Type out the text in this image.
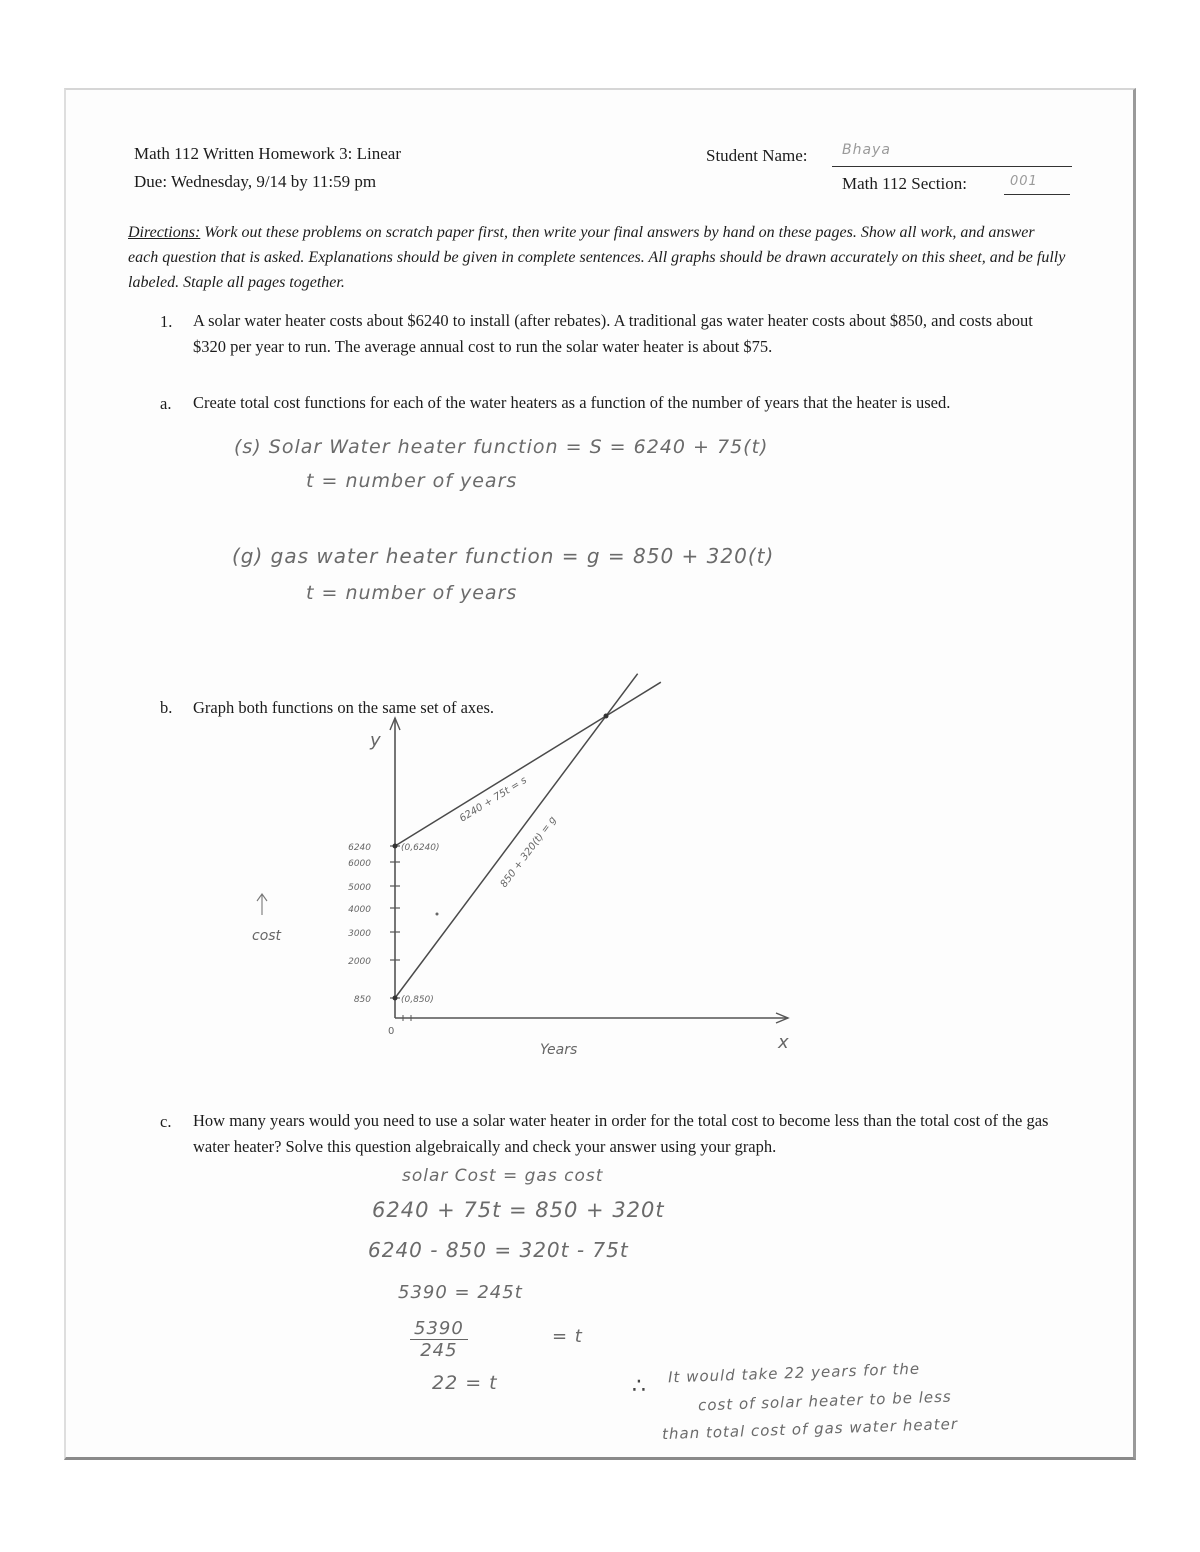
Math 112 Written Homework 3: Linear
Due: Wednesday, 9/14 by 11:59 pm
Student Name: Bhaya
Math 112 Section:	001
Directions: Work out these problems on scratch paper first, then write your final answers by hand on these pages. Show all work, and answer each question that is asked. Explanations should be given in complete sentences. All graphs should be drawn accurately on this sheet, and be fully labeled. Staple all pages together.
1. A solar water heater costs about $6240 to install (after rebates). A traditional gas water heater costs about $850, and costs about $320 per year to run. The average annual cost to run the solar water heater is about $75.
a. Create total cost functions for each of the water heaters as a function of the number of years that the heater is used.
(s) Solar Water heater function = S = 6240 + 75(t)
t = number of years
(g) gas water heater function = g = 850 + 320(t)
t = number of years
b. Graph both functions on the same set of axes.
850
2000
3000
4000
5000
6000
6240	(0,6240)
(0,850)
6240 + 75t = s
850 + 320(t) = g
cost
Years	x
y
0
c. How many years would you need to use a solar water heater in order for the total cost to become less than the total cost of the gas water heater? Solve this question algebraically and check your answer using your graph.
solar Cost = gas cost
6240 + 75t = 850 + 320t
6240 - 850 = 320t - 75t
5390 = 245t
$\frac{5390}{245}$	= t
22 = t	∴
It would take 22 years for the
cost of solar heater to be less
than total cost of gas water heater
